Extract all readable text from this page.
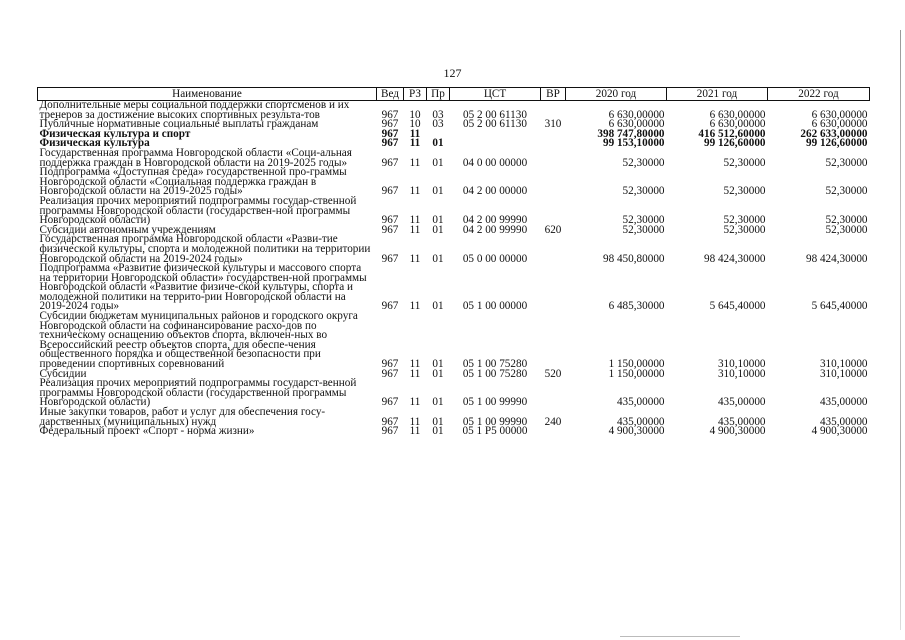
127
Наименование	Вед	РЗ	Пр	ЦСТ	ВР	2020 год	2021 год	2022 год
Дополнительные меры социальной поддержки спортсменов и их тренеров за достижение высоких спортивных результа-тов	967	10	03	05 2 00 61130		6 630,00000	6 630,00000	6 630,00000
Публичные нормативные социальные выплаты гражданам	967	10	03	05 2 00 61130	310	6 630,00000	6 630,00000	6 630,00000
Физическая культура и спорт	967	11				398 747,80000	416 512,60000	262 633,00000
Физическая культура	967	11	01			99 153,10000	99 126,60000	99 126,60000
Государственная программа Новгородской области «Соци-альная поддержка граждан в Новгородской области на 2019-2025 годы»	967	11	01	04 0 00 00000		52,30000	52,30000	52,30000
Подпрограмма «Доступная среда» государственной про-граммы Новгородской области «Социальная поддержка граждан в Новгородской области на 2019-2025 годы»	967	11	01	04 2 00 00000		52,30000	52,30000	52,30000
Реализация прочих мероприятий подпрограммы государ-ственной программы Новгородской области (государствен-ной программы Новгородской области)	967	11	01	04 2 00 99990		52,30000	52,30000	52,30000
Субсидии автономным учреждениям	967	11	01	04 2 00 99990	620	52,30000	52,30000	52,30000
Государственная программа Новгородской области «Разви-тие физической культуры, спорта и молодежной политики на территории Новгородской области на 2019-2024 годы»	967	11	01	05 0 00 00000		98 450,80000	98 424,30000	98 424,30000
Подпрограмма «Развитие физической культуры и массового спорта на территории Новгородской области» государствен-ной программы Новгородской области «Развитие физиче-ской культуры, спорта и молодежной политики на террито-рии Новгородской области на 2019-2024 годы»	967	11	01	05 1 00 00000		6 485,30000	5 645,40000	5 645,40000
Субсидии бюджетам муниципальных районов и городского округа Новгородской области на софинансирование расхо-дов по техническому оснащению объектов спорта, включен-ных во Всероссийский реестр объектов спорта, для обеспе-чения общественного порядка и общественной безопасности при проведении спортивных соревнований	967	11	01	05 1 00 75280		1 150,00000	310,10000	310,10000
Субсидии	967	11	01	05 1 00 75280	520	1 150,00000	310,10000	310,10000
Реализация прочих мероприятий подпрограммы государст-венной программы Новгородской области (государственной программы Новгородской области)	967	11	01	05 1 00 99990		435,00000	435,00000	435,00000
Иные закупки товаров, работ и услуг для обеспечения госу-дарственных (муниципальных) нужд	967	11	01	05 1 00 99990	240	435,00000	435,00000	435,00000
Федеральный проект «Спорт - норма жизни»	967	11	01	05 1 P5 00000		4 900,30000	4 900,30000	4 900,30000
